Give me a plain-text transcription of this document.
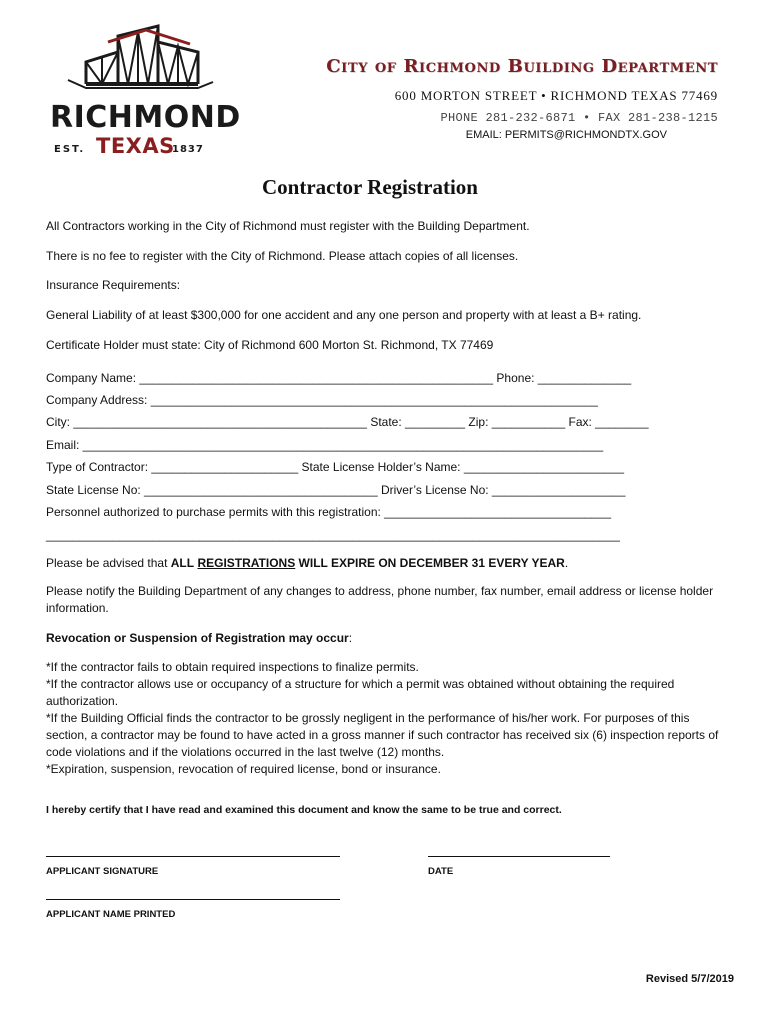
RICHMOND
EST. TEXAS
1837
City of Richmond Building Department
600 MORTON STREET • RICHMOND TEXAS 77469
PHONE 281-232-6871 • FAX 281-238-1215
EMAIL: PERMITS@RICHMONDTX.GOV
Contractor Registration
All Contractors working in the City of Richmond must register with the Building Department.
There is no fee to register with the City of Richmond. Please attach copies of all licenses.
Insurance Requirements:
General Liability of at least $300,000 for one accident and any one person and property with at least a B+ rating.
Certificate Holder must state: City of Richmond 600 Morton St. Richmond, TX 77469
Company Name: _____________________________________________________ Phone: ______________
Company Address: ___________________________________________________________________
City: ____________________________________________ State: _________ Zip: ___________ Fax: ________
Email: ______________________________________________________________________________
Type of Contractor: ______________________ State License Holder’s Name: ________________________
State License No: ___________________________________ Driver’s License No: ____________________
Personnel authorized to purchase permits with this registration: __________________________________
______________________________________________________________________________________
Please be advised that ALL REGISTRATIONS WILL EXPIRE ON DECEMBER 31 EVERY YEAR.
Please notify the Building Department of any changes to address, phone number, fax number, email address or license holder information.
Revocation or Suspension of Registration may occur:
*If the contractor fails to obtain required inspections to finalize permits.
*If the contractor allows use or occupancy of a structure for which a permit was obtained without obtaining the required authorization.
*If the Building Official finds the contractor to be grossly negligent in the performance of his/her work. For purposes of this section, a contractor may be found to have acted in a gross manner if such contractor has received six (6) inspection reports of code violations and if the violations occurred in the last twelve (12) months.
*Expiration, suspension, revocation of required license, bond or insurance.
I hereby certify that I have read and examined this document and know the same to be true and correct.
APPLICANT SIGNATURE	DATE
APPLICANT NAME PRINTED
Revised 5/7/2019
